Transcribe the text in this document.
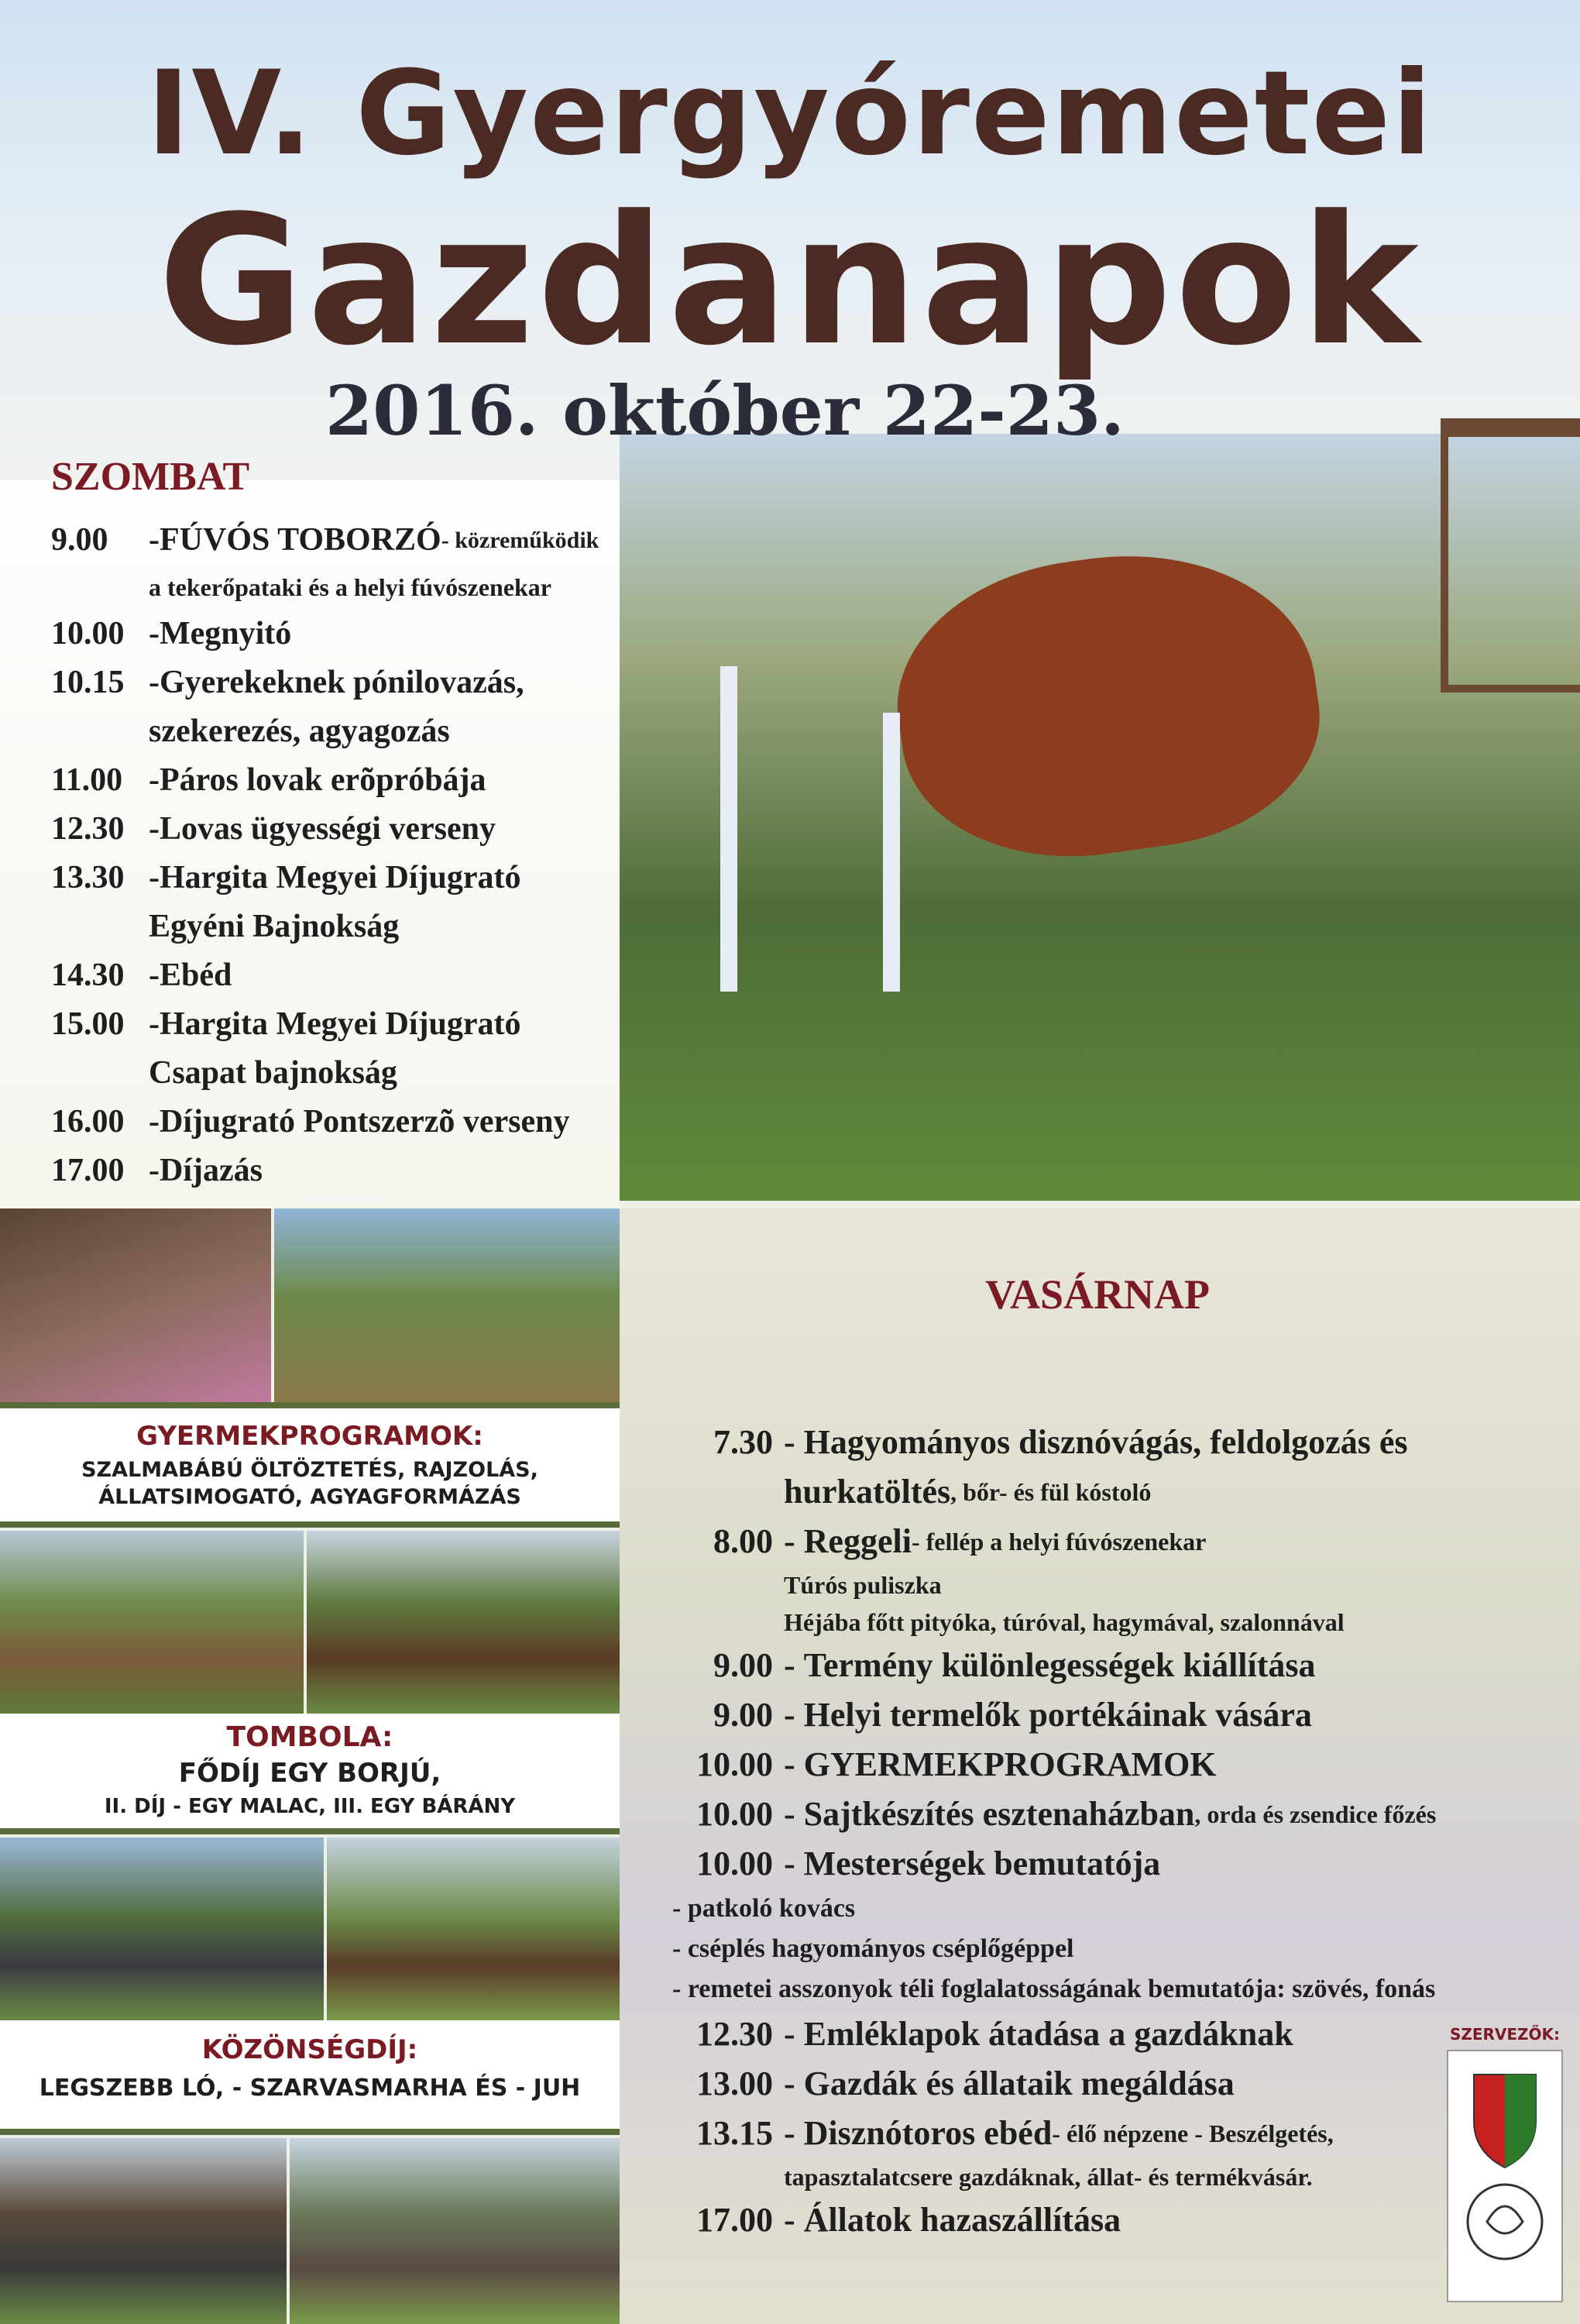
IV. Gyergyóremetei
Gazdanapok
2016. október 22-23.
SZOMBAT
9.00	- FÚVÓS TOBORZÓ - közreműködik
a tekerőpataki és a helyi fúvószenekar
10.00 - Megnyitó
10.15 - Gyerekeknek pónilovazás,
szekerezés, agyagozás
11.00 - Páros lovak erõpróbája
12.30 - Lovas ügyességi verseny
13.30 - Hargita Megyei Díjugrató
Egyéni Bajnokság
14.30 - Ebéd
15.00 - Hargita Megyei Díjugrató
Csapat bajnokság
16.00 - Díjugrató Pontszerzõ verseny
17.00 - Díjazás
GYERMEKPROGRAMOK:
SZALMABÁBÚ ÖLTÖZTETÉS, RAJZOLÁS,
ÁLLATSIMOGATÓ, AGYAGFORMÁZÁS
TOMBOLA:
FŐDÍJ EGY BORJÚ,
II. DÍJ - EGY MALAC, III. EGY BÁRÁNY
KÖZÖNSÉGDÍJ:
LEGSZEBB LÓ, - SZARVASMARHA ÉS - JUH
VASÁRNAP
7.30 - Hagyományos disznóvágás, feldolgozás és
hurkatöltés , bőr- és fül kóstoló
8.00 - Reggeli - fellép a helyi fúvószenekar
Túrós puliszka
Héjába főtt pityóka, túróval, hagymával, szalonnával
9.00 - Termény különlegességek kiállítása
9.00 - Helyi termelők portékáinak vására
10.00 - GYERMEKPROGRAMOK
10.00 - Sajtkészítés esztenaházban , orda és zsendice főzés
10.00 - Mesterségek bemutatója
- patkoló kovács
- cséplés hagyományos cséplőgéppel
- remetei asszonyok téli foglalatosságának bemutatója: szövés, fonás
12.30 - Emléklapok átadása a gazdáknak
13.00 - Gazdák és állataik megáldása
13.15 - Disznótoros ebéd - élő népzene - Beszélgetés,
tapasztalatcsere gazdáknak, állat- és termékvásár.
17.00 - Állatok hazaszállítása
SZERVEZŐK:
